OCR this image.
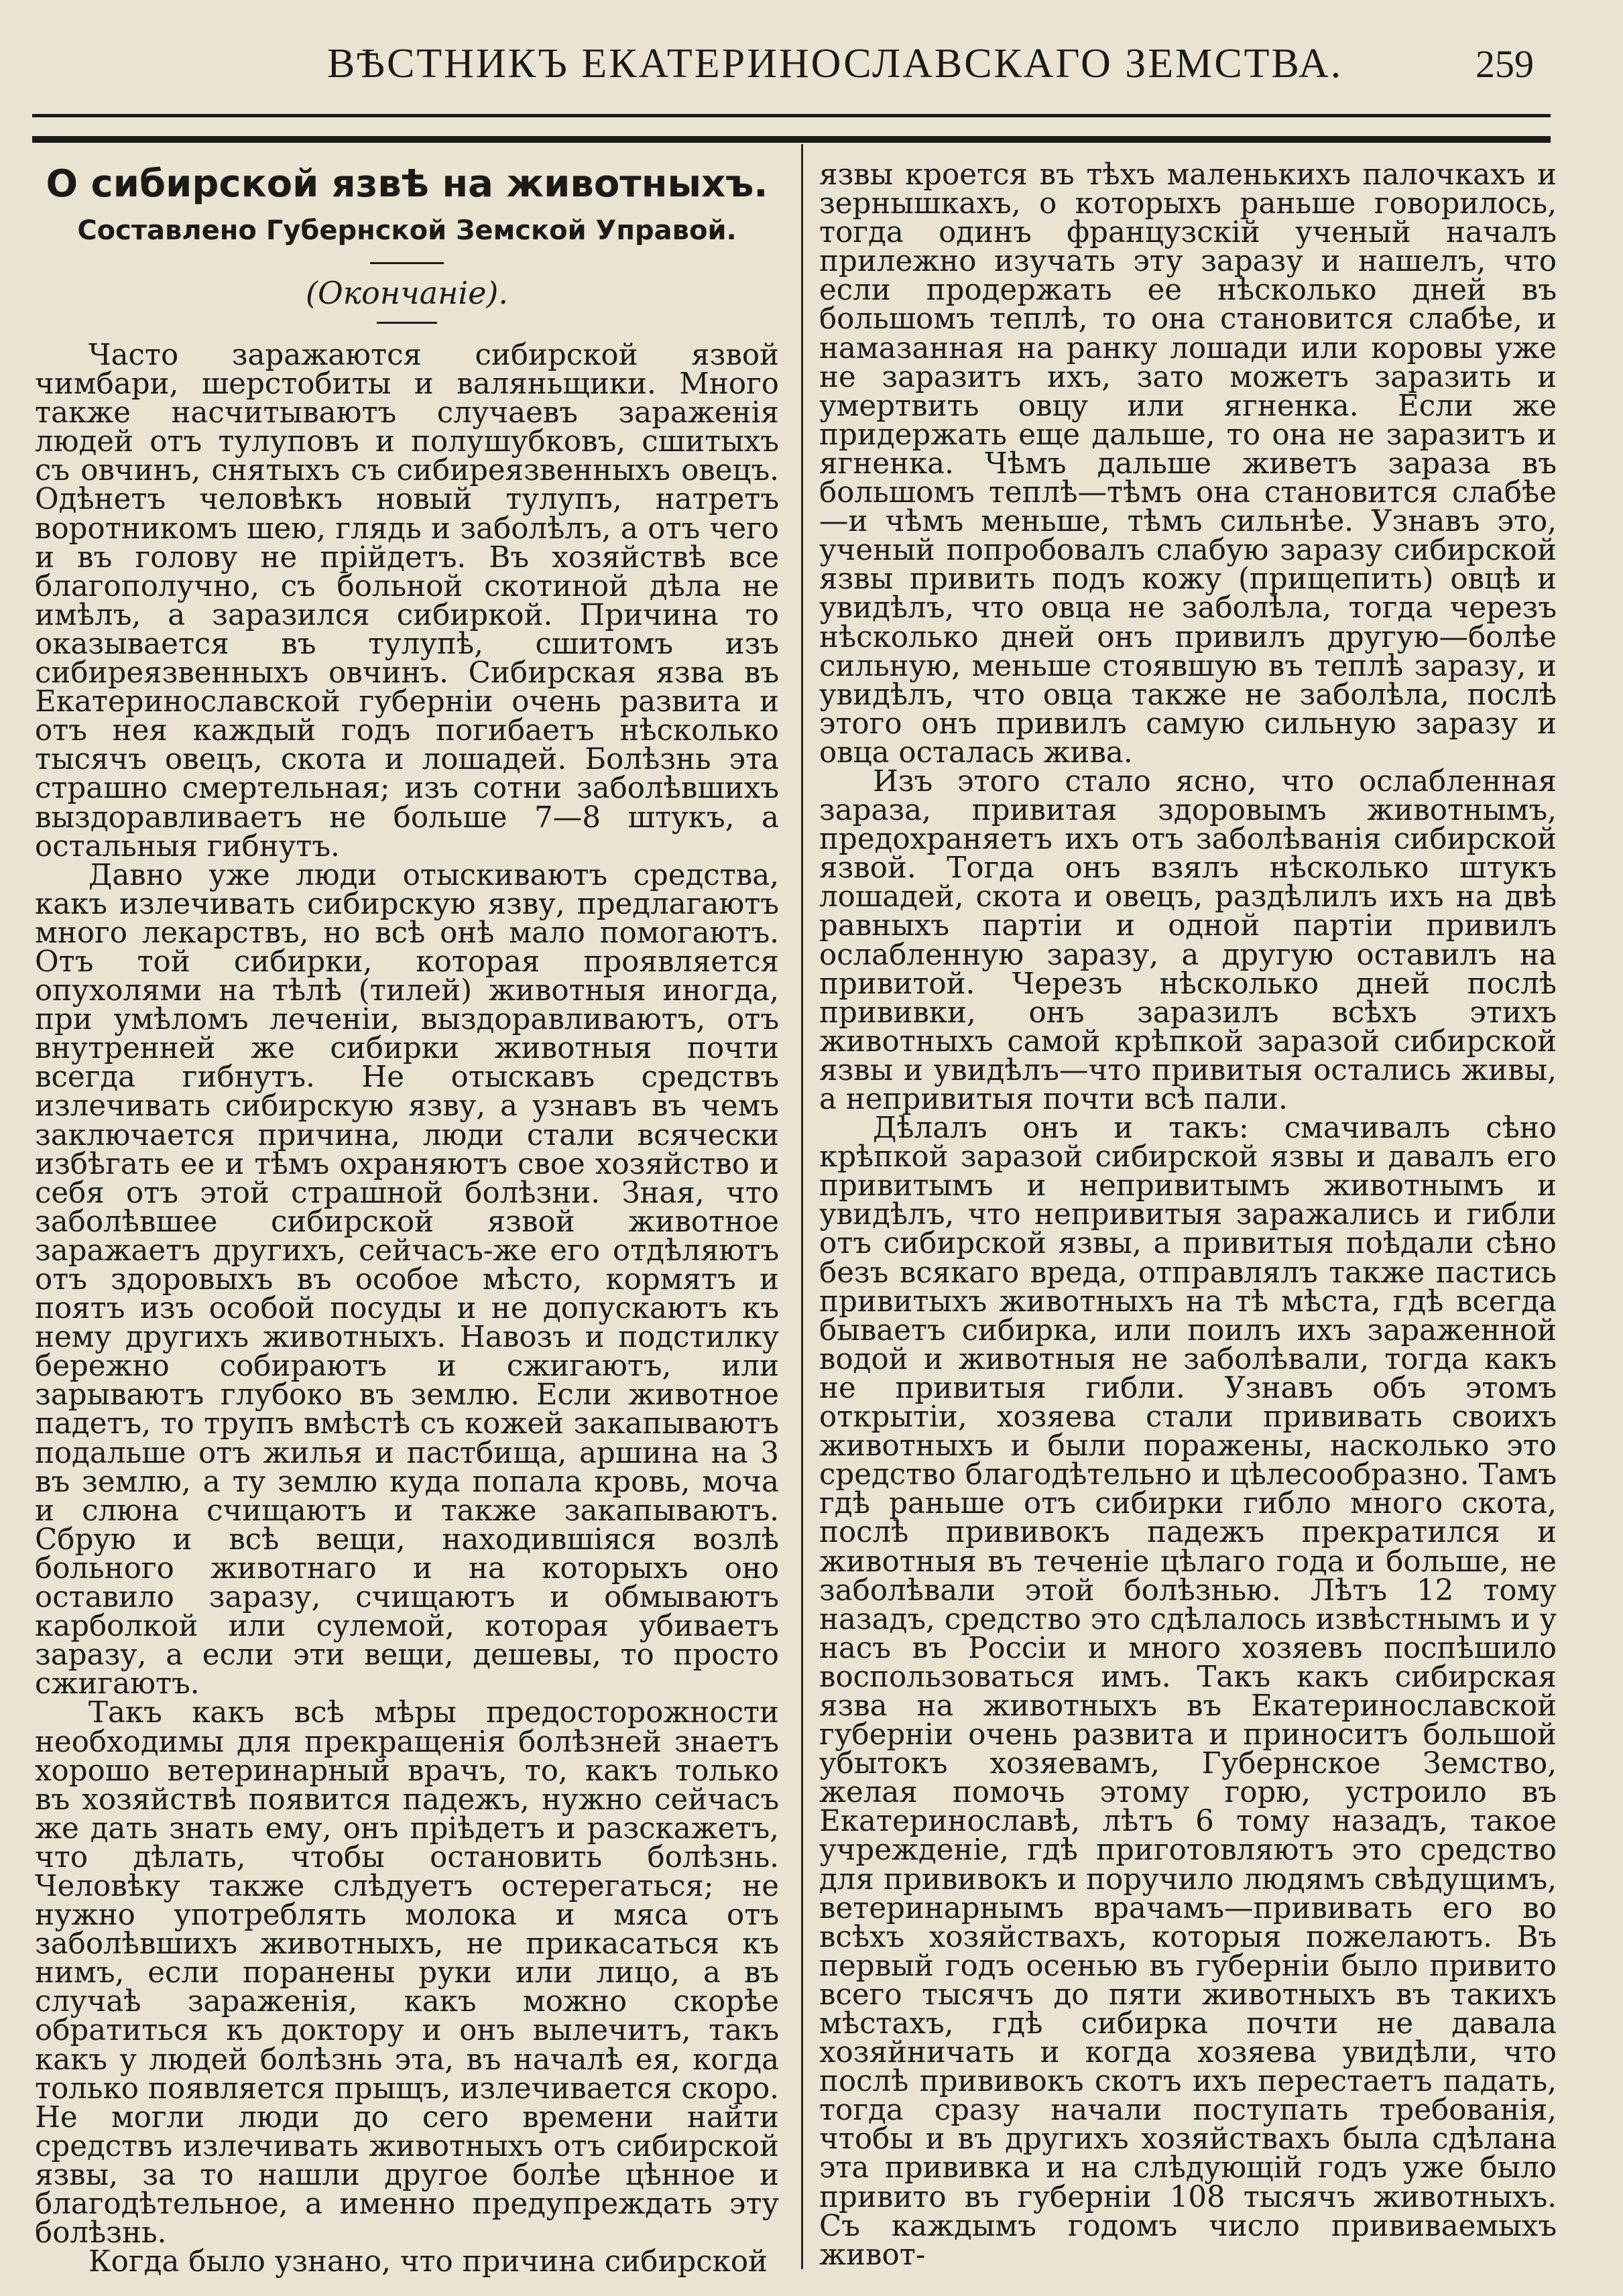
ВѢСТНИКЪ ЕКАТЕРИНОСЛАВСКАГО ЗЕМСТВА.	259
О сибирской язвѣ на животныхъ.
Составлено Губернской Земской Управой.
(Окончаніе).

Часто заражаются сибирской язвой чимбари, шерстобиты и валяньщики. Много также насчитываютъ случаевъ зараженія людей отъ тулуповъ и полушубковъ, сшитыхъ съ овчинъ, снятыхъ съ сибиреязвенныхъ овецъ. Одѣнетъ человѣкъ новый тулупъ, натретъ воротникомъ шею, глядь и заболѣлъ, а отъ чего и въ голову не прійдетъ. Въ хозяйствѣ все благополучно, съ больной скотиной дѣла не имѣлъ, а заразился сибиркой. Причина то оказывается въ тулупѣ, сшитомъ изъ сибиреязвенныхъ овчинъ. Сибирская язва въ Екатеринославской губерніи очень развита и отъ нея каждый годъ погибаетъ нѣсколько тысячъ овецъ, скота и лошадей. Болѣзнь эта страшно смертельная; изъ сотни заболѣвшихъ выздоравливаетъ не больше 7—8 штукъ, а остальныя гибнутъ.

Давно уже люди отыскиваютъ средства, какъ излечивать сибирскую язву, предлагаютъ много лекарствъ, но всѣ онѣ мало помогаютъ. Отъ той сибирки, которая проявляется опухолями на тѣлѣ (тилей) животныя иногда, при умѣломъ леченіи, выздоравливаютъ, отъ внутренней же сибирки животныя почти всегда гибнутъ. Не отыскавъ средствъ излечивать сибирскую язву, а узнавъ въ чемъ заключается причина, люди стали всячески избѣгать ее и тѣмъ охраняютъ свое хозяйство и себя отъ этой страшной болѣзни. Зная, что заболѣвшее сибирской язвой животное заражаетъ другихъ, сейчасъ-же его отдѣляютъ отъ здоровыхъ въ особое мѣсто, кормятъ и поятъ изъ особой посуды и не допускаютъ къ нему другихъ животныхъ. Навозъ и подстилку бережно собираютъ и сжигаютъ, или зарываютъ глубоко въ землю. Если животное падетъ, то трупъ вмѣстѣ съ кожей закапываютъ подальше отъ жилья и пастбища, аршина на 3 въ землю, а ту землю куда попала кровь, моча и слюна счищаютъ и также закапываютъ. Сбрую и всѣ вещи, находившіяся возлѣ больного животнаго и на которыхъ оно оставило заразу, счищаютъ и обмываютъ карболкой или сулемой, которая убиваетъ заразу, а если эти вещи, дешевы, то просто сжигаютъ.

Такъ какъ всѣ мѣры предосторожности необходимы для прекращенія болѣзней знаетъ хорошо ветеринарный врачъ, то, какъ только въ хозяйствѣ появится падежъ, нужно сейчасъ же дать знать ему, онъ пріѣдетъ и разскажетъ, что дѣлать, чтобы остановить болѣзнь. Человѣку также слѣдуетъ остерегаться; не нужно употреблять молока и мяса отъ заболѣвшихъ животныхъ, не прикасаться къ нимъ, если поранены руки или лицо, а въ случаѣ зараженія, какъ можно скорѣе обратиться къ доктору и онъ вылечитъ, такъ какъ у людей болѣзнь эта, въ началѣ ея, когда только появляется прыщъ, излечивается скоро. Не могли люди до сего времени найти средствъ излечивать животныхъ отъ сибирской язвы, за то нашли другое болѣе цѣнное и благодѣтельное, а именно предупреждать эту болѣзнь.

Когда было узнано, что причина сибирской

язвы кроется въ тѣхъ маленькихъ палочкахъ и зернышкахъ, о которыхъ раньше говорилось, тогда одинъ французскій ученый началъ прилежно изучать эту заразу и нашелъ, что если продержать ее нѣсколько дней въ большомъ теплѣ, то она становится слабѣе, и намазанная на ранку лошади или коровы уже не заразитъ ихъ, зато можетъ заразить и умертвить овцу или ягненка. Если же придержать еще дальше, то она не заразитъ и ягненка. Чѣмъ дальше живетъ зараза въ большомъ теплѣ—тѣмъ она становится слабѣе—и чѣмъ меньше, тѣмъ сильнѣе. Узнавъ это, ученый попробовалъ слабую заразу сибирской язвы привить подъ кожу (прищепить) овцѣ и увидѣлъ, что овца не заболѣла, тогда черезъ нѣсколько дней онъ привилъ другую—болѣе сильную, меньше стоявшую въ теплѣ заразу, и увидѣлъ, что овца также не заболѣла, послѣ этого онъ привилъ самую сильную заразу и овца осталась жива.

Изъ этого стало ясно, что ослабленная зараза, привитая здоровымъ животнымъ, предохраняетъ ихъ отъ заболѣванія сибирской язвой. Тогда онъ взялъ нѣсколько штукъ лошадей, скота и овецъ, раздѣлилъ ихъ на двѣ равныхъ партіи и одной партіи привилъ ослабленную заразу, а другую оставилъ на привитой. Черезъ нѣсколько дней послѣ прививки, онъ заразилъ всѣхъ этихъ животныхъ самой крѣпкой заразой сибирской язвы и увидѣлъ—что привитыя остались живы, а непривитыя почти всѣ пали.

Дѣлалъ онъ и такъ: смачивалъ сѣно крѣпкой заразой сибирской язвы и давалъ его привитымъ и непривитымъ животнымъ и увидѣлъ, что непривитыя заражались и гибли отъ сибирской язвы, а привитыя поѣдали сѣно безъ всякаго вреда, отправлялъ также пастись привитыхъ животныхъ на тѣ мѣста, гдѣ всегда бываетъ сибирка, или поилъ ихъ зараженной водой и животныя не заболѣвали, тогда какъ не привитыя гибли. Узнавъ объ этомъ открытіи, хозяева стали прививать своихъ животныхъ и были поражены, насколько это средство благодѣтельно и цѣлесообразно. Тамъ гдѣ раньше отъ сибирки гибло много скота, послѣ прививокъ падежъ прекратился и животныя въ теченіе цѣлаго года и больше, не заболѣвали этой болѣзнью. Лѣтъ 12 тому назадъ, средство это сдѣлалось извѣстнымъ и у насъ въ Россіи и много хозяевъ поспѣшило воспользоваться имъ. Такъ какъ сибирская язва на животныхъ въ Екатеринославской губерніи очень развита и приноситъ большой убытокъ хозяевамъ, Губернское Земство, желая помочь этому горю, устроило въ Екатеринославѣ, лѣтъ 6 тому назадъ, такое учрежденіе, гдѣ приготовляютъ это средство для прививокъ и поручило людямъ свѣдущимъ, ветеринарнымъ врачамъ—прививать его во всѣхъ хозяйствахъ, которыя пожелаютъ. Въ первый годъ осенью въ губерніи было привито всего тысячъ до пяти животныхъ въ такихъ мѣстахъ, гдѣ сибирка почти не давала хозяйничать и когда хозяева увидѣли, что послѣ прививокъ скотъ ихъ перестаетъ падать, тогда сразу начали поступать требованія, чтобы и въ другихъ хозяйствахъ была сдѣлана эта прививка и на слѣдующій годъ уже было привито въ губерніи 108 тысячъ животныхъ. Съ каждымъ годомъ число прививаемыхъ живот-
